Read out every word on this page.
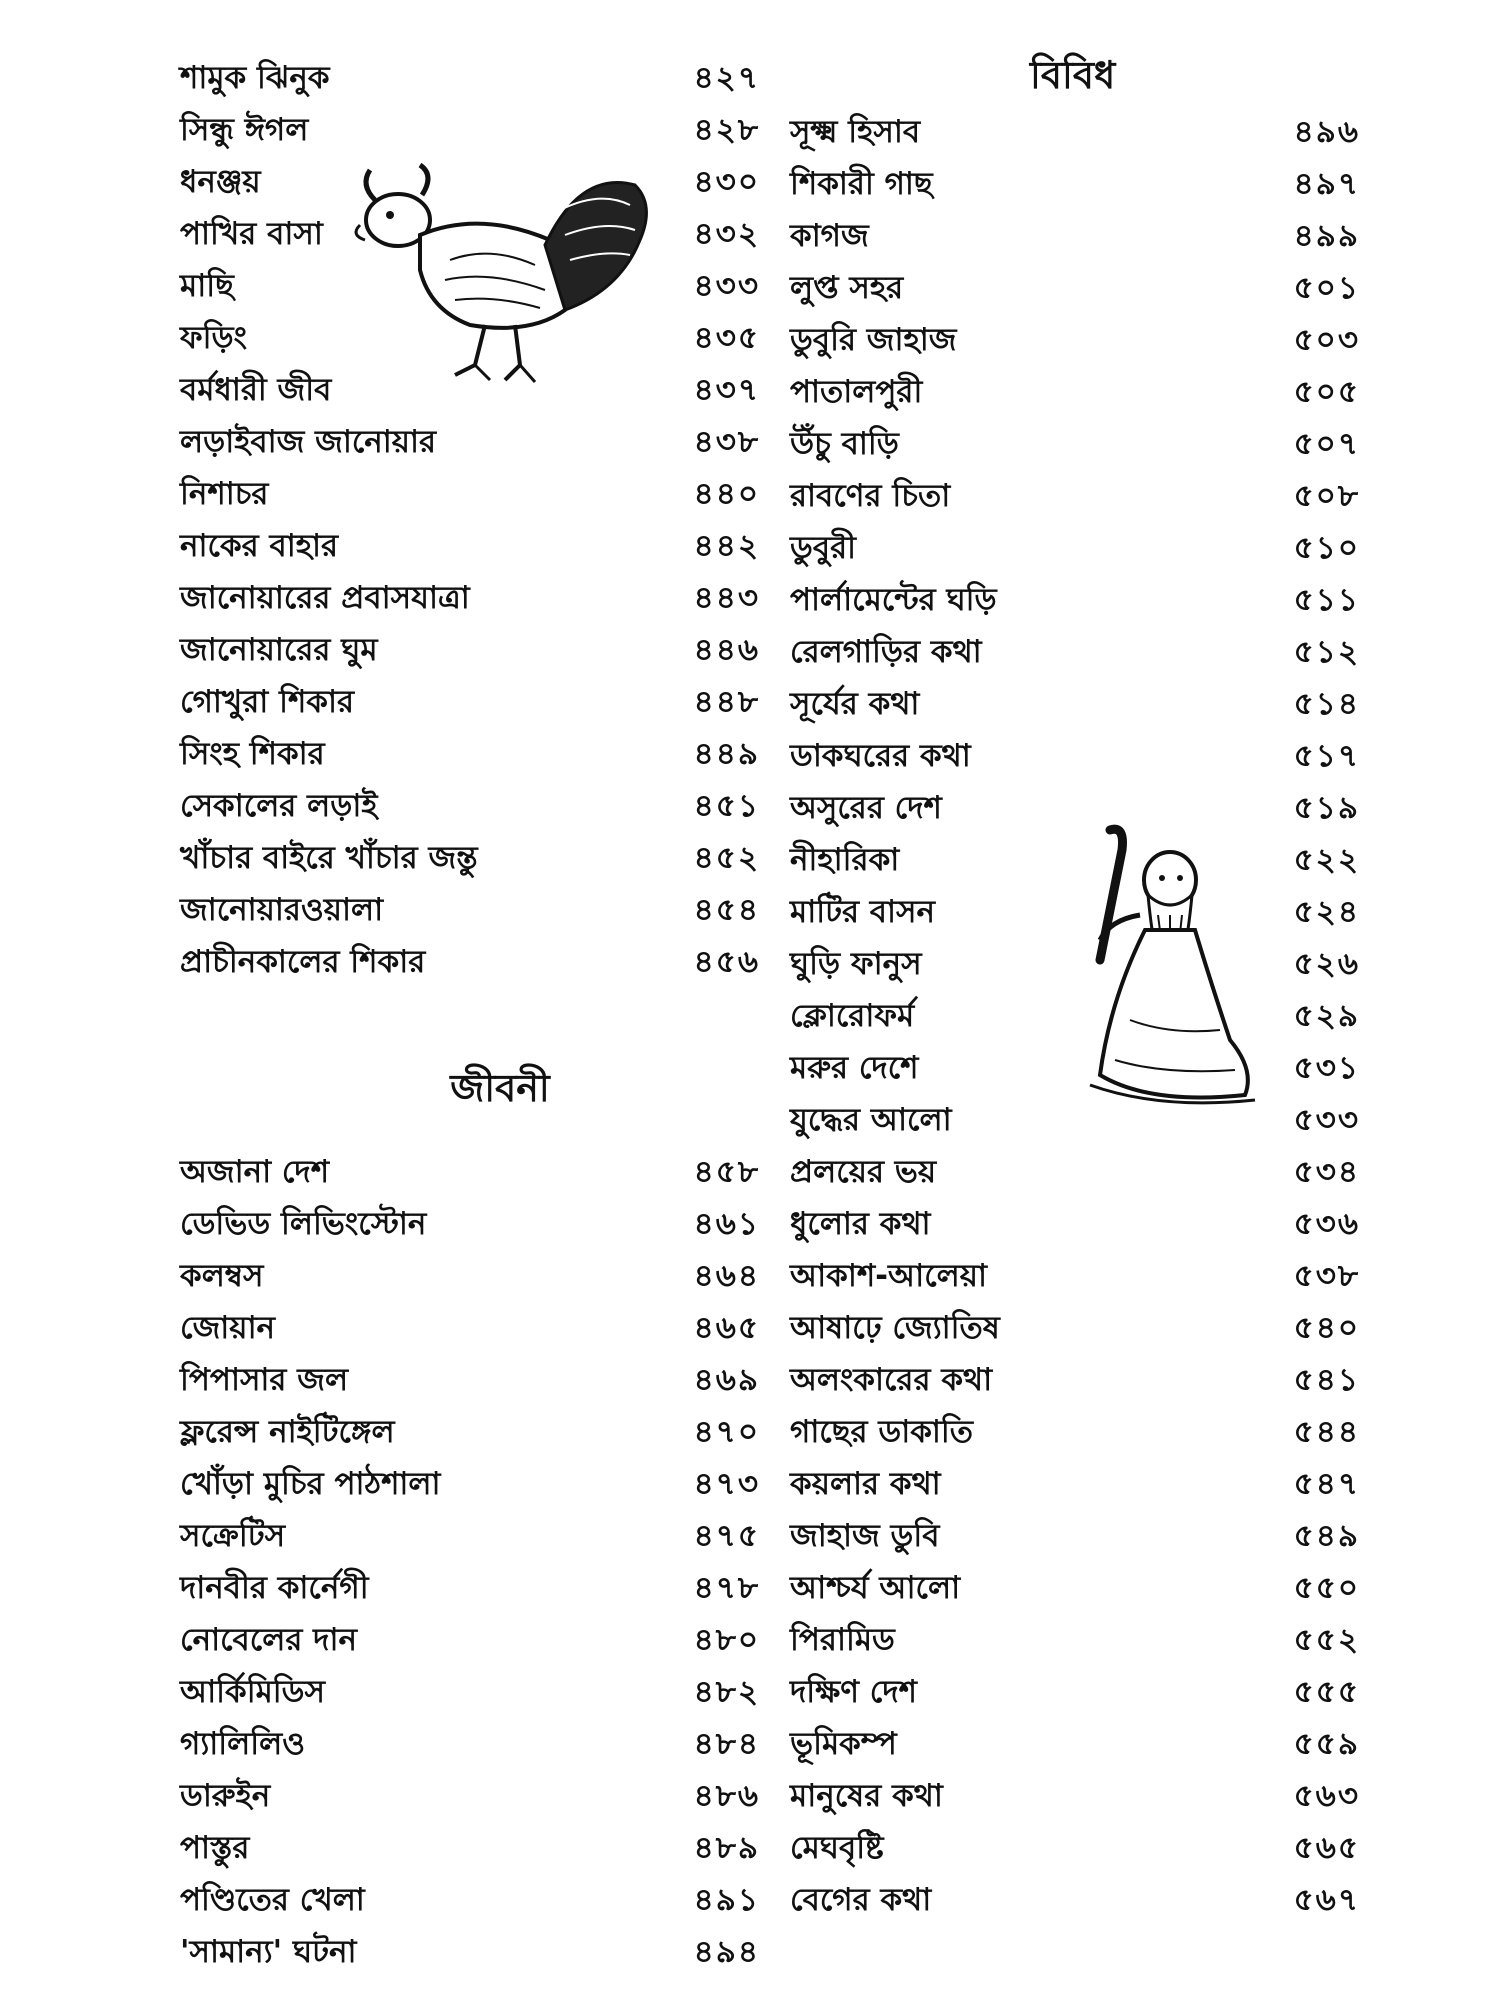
শামুক ঝিনুক	৪২৭
সিন্ধু ঈগল	৪২৮
ধনঞ্জয়	৪৩০
পাখির বাসা	৪৩২
মাছি	৪৩৩
ফড়িং	৪৩৫
বর্মধারী জীব	৪৩৭
লড়াইবাজ জানোয়ার	৪৩৮
নিশাচর	৪৪০
নাকের বাহার	৪৪২
জানোয়ারের প্রবাসযাত্রা	৪৪৩
জানোয়ারের ঘুম	৪৪৬
গোখুরা শিকার	৪৪৮
সিংহ শিকার	৪৪৯
সেকালের লড়াই	৪৫১
খাঁচার বাইরে খাঁচার জন্তু	৪৫২
জানোয়ারওয়ালা	৪৫৪
প্রাচীনকালের শিকার	৪৫৬
জীবনী
অজানা দেশ	৪৫৮
ডেভিড লিভিংস্টোন	৪৬১
কলম্বস	৪৬৪
জোয়ান	৪৬৫
পিপাসার জল	৪৬৯
ফ্লরেন্স নাইটিঙ্গেল	৪৭০
খোঁড়া মুচির পাঠশালা	৪৭৩
সক্রেটিস	৪৭৫
দানবীর কার্নেগী	৪৭৮
নোবেলের দান	৪৮০
আর্কিমিডিস	৪৮২
গ্যালিলিও	৪৮৪
ডারুইন	৪৮৬
পাস্তুর	৪৮৯
পণ্ডিতের খেলা	৪৯১
'সামান্য' ঘটনা	৪৯৪
বিবিধ
সূক্ষ্ম হিসাব	৪৯৬
শিকারী গাছ	৪৯৭
কাগজ	৪৯৯
লুপ্ত সহর	৫০১
ডুবুরি জাহাজ	৫০৩
পাতালপুরী	৫০৫
উঁচু বাড়ি	৫০৭
রাবণের চিতা	৫০৮
ডুবুরী	৫১০
পার্লামেন্টের ঘড়ি	৫১১
রেলগাড়ির কথা	৫১২
সূর্যের কথা	৫১৪
ডাকঘরের কথা	৫১৭
অসুরের দেশ	৫১৯
নীহারিকা	৫২২
মাটির বাসন	৫২৪
ঘুড়ি ফানুস	৫২৬
ক্লোরোফর্ম	৫২৯
মরুর দেশে	৫৩১
যুদ্ধের আলো	৫৩৩
প্রলয়ের ভয়	৫৩৪
ধুলোর কথা	৫৩৬
আকাশ-আলেয়া	৫৩৮
আষাঢ়ে জ্যোতিষ	৫৪০
অলংকারের কথা	৫৪১
গাছের ডাকাতি	৫৪৪
কয়লার কথা	৫৪৭
জাহাজ ডুবি	৫৪৯
আশ্চর্য আলো	৫৫০
পিরামিড	৫৫২
দক্ষিণ দেশ	৫৫৫
ভূমিকম্প	৫৫৯
মানুষের কথা	৫৬৩
মেঘবৃষ্টি	৫৬৫
বেগের কথা	৫৬৭
